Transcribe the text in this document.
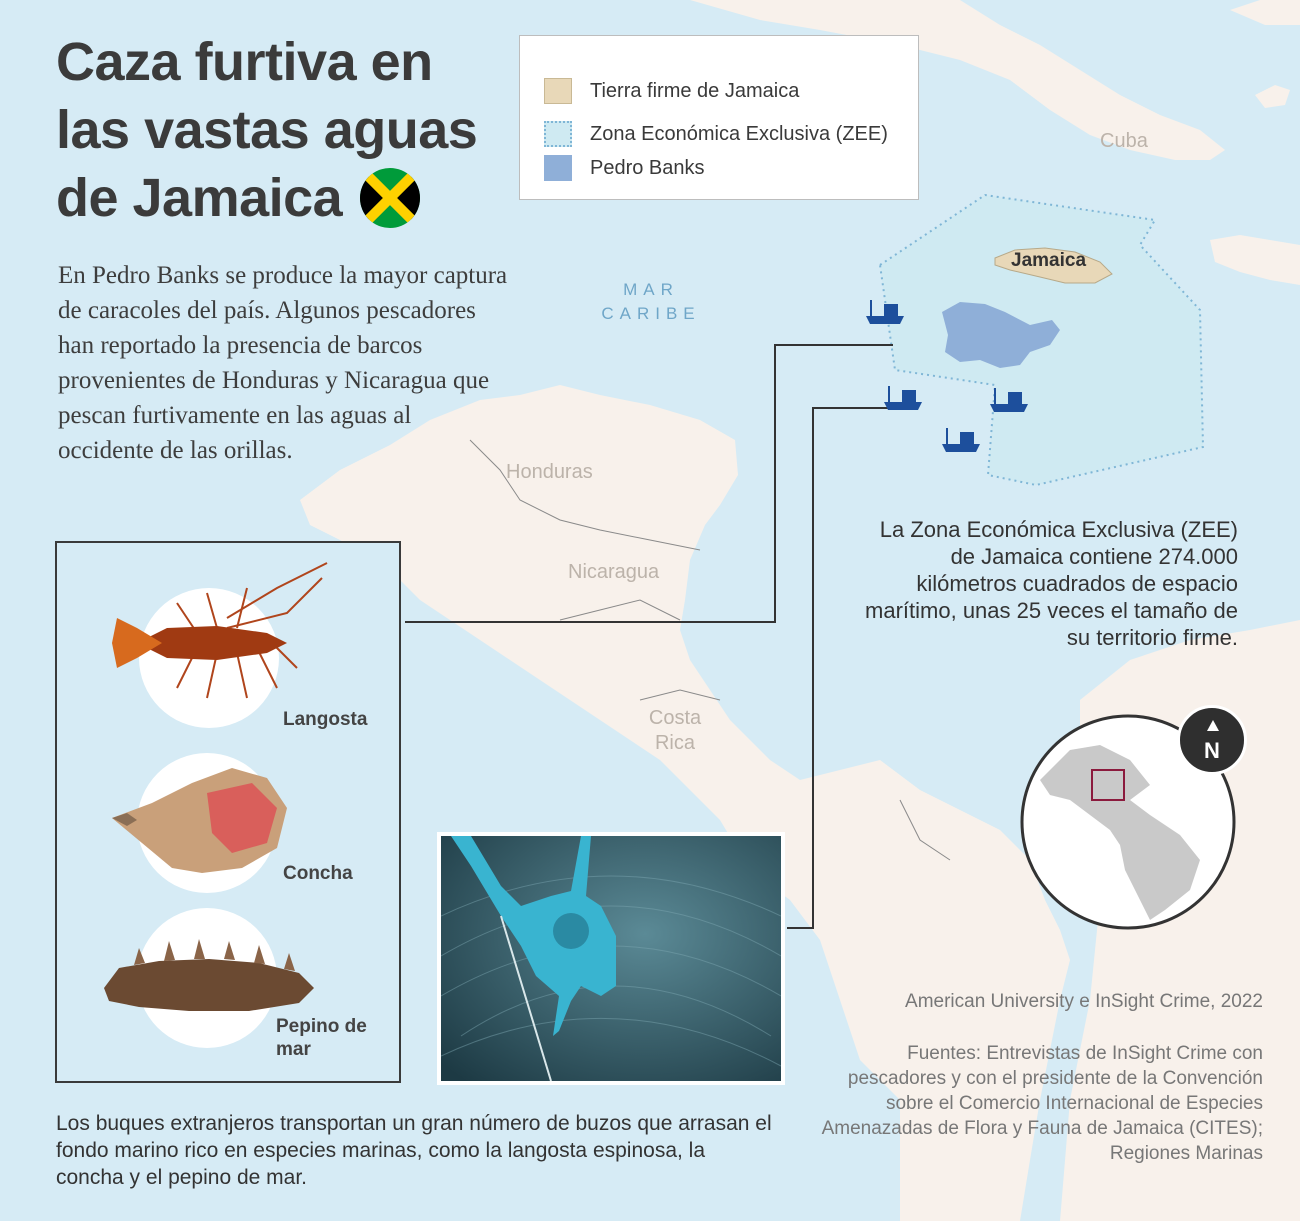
Caza furtiva en
las vastas aguas
de Jamaica

En Pedro Banks se produce la mayor captura de caracoles del país. Algunos pescadores han reportado la presencia de barcos provenientes de Honduras y Nicaragua que pescan furtivamente en las aguas al occidente de las orillas.

Tierra firme de Jamaica
Zona Económica Exclusiva (ZEE)
Pedro Banks
MAR CARIBE
Cuba
Honduras
Nicaragua
Costa Rica
Jamaica

La Zona Económica Exclusiva (ZEE) de Jamaica contiene 274.000 kilómetros cuadrados de espacio marítimo, unas 25 veces el tamaño de su territorio firme.

Langosta
Concha
Pepino de mar
N

American University e InSight Crime, 2022

Fuentes: Entrevistas de InSight Crime con pescadores y con el presidente de la Convención sobre el Comercio Internacional de Especies Amenazadas de Flora y Fauna de Jamaica (CITES); Regiones Marinas

Los buques extranjeros transportan un gran número de buzos que arrasan el fondo marino rico en especies marinas, como la langosta espinosa, la concha y el pepino de mar.
